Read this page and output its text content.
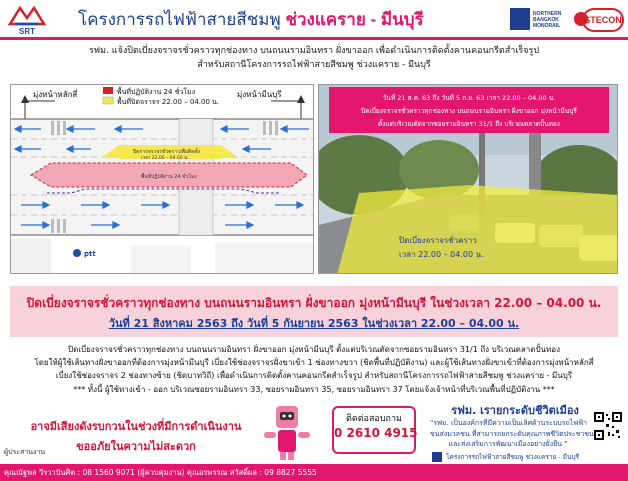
SRT
โครงการรถไฟฟ้าสายสีชมพู ช่วงแคราย - มีนบุรี	NORTHERN
BANGKOK
MONORAIL
STECON
รฟม. แจ้งปิดเบี่ยงจราจรชั่วคราวทุกช่องทาง บนถนนรามอินทรา ฝั่งขาออก เพื่อดำเนินการติดตั้งคานคอนกรีตสำเร็จรูป
สำหรับสถานีโครงการรถไฟฟ้าสายสีชมพู ช่วงแคราย - มีนบุรี
มุ่งหน้าหลักสี่	มุ่งหน้ามีนบุรี
พื้นที่ปฏิบัติงาน 24 ชั่วโมง
พื้นที่ปิดจราจร 22.00 – 04.00 น.
ปิดการจราจรชั่วคราวเพื่อติดตั้ง
เวลา 22.00 – 04.00 น.
พื้นที่ปฏิบัติงาน 24 ชั่วโมง
ptt
วันที่ 21 ส.ค. 63 ถึง วันที่ 5 ก.ย. 63 เวลา 22.00 – 04.00 น.
ปิดเบี่ยงจราจรชั่วคราวทุกช่องทาง บนถนนรามอินทรา ฝั่งขาออก มุ่งหน้ามีนบุรี
ตั้งแต่บริเวณตัดจากซอยรามอินทรา 31/1 ถึง บริเวณตลาดปั้นทอง
ปิดเบี่ยงจราจรชั่วคราว
เวลา 22.00 – 04.00 น.
ปิดเบี่ยงจราจรชั่วคราวทุกช่องทาง บนถนนรามอินทรา ฝั่งขาออก มุ่งหน้ามีนบุรี ในช่วงเวลา 22.00 – 04.00 น.
วันที่ 21 สิงหาคม 2563 ถึง วันที่ 5 กันยายน 2563 ในช่วงเวลา 22.00 – 04.00 น.
ปิดเบี่ยงจราจรชั่วคราวทุกช่องทาง บนถนนรามอินทรา ฝั่งขาออก มุ่งหน้ามีนบุรี ตั้งแต่บริเวณตัดจากซอยรามอินทรา 31/1 ถึง บริเวณตลาดปั้นทอง
โดยให้ผู้ใช้เส้นทางฝั่งขาออกที่ต้องการมุ่งหน้ามีนบุรี เบี่ยงใช้ช่องจราจรฝั่งขาเข้า 1 ช่องทางขวา (ชิดพื้นที่ปฏิบัติงาน) และผู้ใช้เส้นทางฝั่งขาเข้าที่ต้องการมุ่งหน้าหลักสี่
เบี่ยงใช้ช่องจราจร 2 ช่องทางซ้าย (ชิดบาทวิถี) เพื่อดำเนินการติดตั้งคานคอนกรีตสำเร็จรูป สำหรับสถานีโครงการรถไฟฟ้าสายสีชมพู ช่วงแคราย - มีนบุรี
*** ทั้งนี้ ผู้ใช้ทางเข้า - ออก บริเวณซอยรามอินทรา 33, ซอยรามอินทรา 35, ซอยรามอินทรา 37 โดยแจ้งเจ้าหน้าที่บริเวณพื้นที่ปฏิบัติงาน ***
อาจมีเสียงดังรบกวนในช่วงที่มีการดำเนินงาน
ขออภัยในความไม่สะดวก
ติดต่อสอบถาม
0 2610 4915
รฟม. เรายกระดับชีวิตเมือง
"รฟม. เป็นองค์กรที่มีความเป็นเลิศด้านระบบรถไฟฟ้า
ขนส่งมวลชน ที่สามารถยกระดับคุณภาพชีวิตประชาชน
และส่งเสริมการพัฒนาเมืองอย่างยั่งยืน "
โครงการรถไฟฟ้าสายสีชมพู ช่วงแคราย - มีนบุรี
ผู้ประสานงาน
คุณณัฐพล วีรวาปันศิต : 08 1560 9071 (ผู้ควบคุมงาน) คุณอรพรรณ สวัสดิ์ผล : 09 8827 5555
